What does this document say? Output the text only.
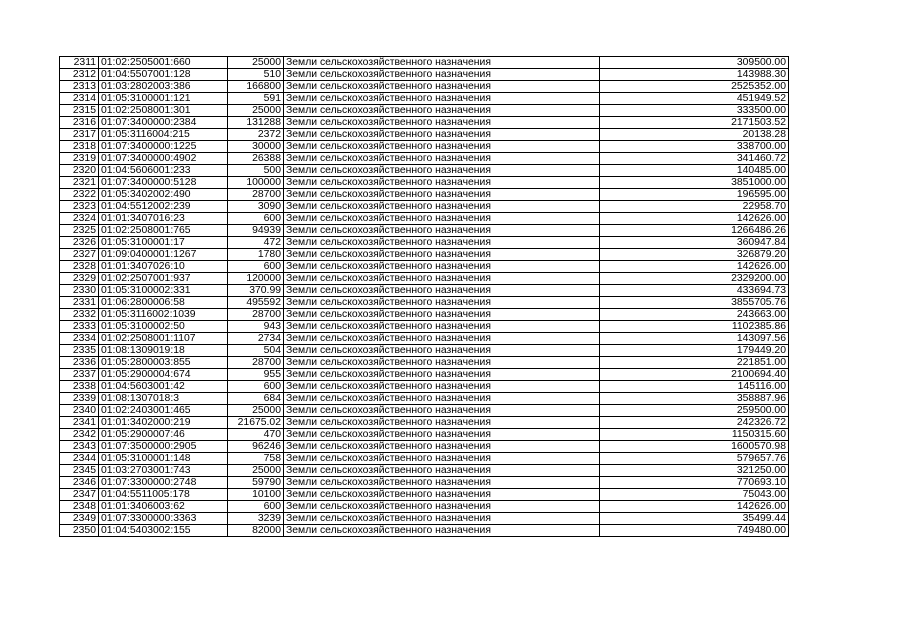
2311	01:02:2505001:660	25000	Земли сельскохозяйственного назначения	309500.00
2312	01:04:5507001:128	510	Земли сельскохозяйственного назначения	143988.30
2313	01:03:2802003:386	166800	Земли сельскохозяйственного назначения	2525352.00
2314	01:05:3100001:121	591	Земли сельскохозяйственного назначения	451949.52
2315	01:02:2508001:301	25000	Земли сельскохозяйственного назначения	333500.00
2316	01:07:3400000:2384	131288	Земли сельскохозяйственного назначения	2171503.52
2317	01:05:3116004:215	2372	Земли сельскохозяйственного назначения	20138.28
2318	01:07:3400000:1225	30000	Земли сельскохозяйственного назначения	338700.00
2319	01:07:3400000:4902	26388	Земли сельскохозяйственного назначения	341460.72
2320	01:04:5606001:233	500	Земли сельскохозяйственного назначения	140485.00
2321	01:07:3400000:5128	100000	Земли сельскохозяйственного назначения	3851000.00
2322	01:05:3402002:490	28700	Земли сельскохозяйственного назначения	196595.00
2323	01:04:5512002:239	3090	Земли сельскохозяйственного назначения	22958.70
2324	01:01:3407016:23	600	Земли сельскохозяйственного назначения	142626.00
2325	01:02:2508001:765	94939	Земли сельскохозяйственного назначения	1266486.26
2326	01:05:3100001:17	472	Земли сельскохозяйственного назначения	360947.84
2327	01:09:0400001:1267	1780	Земли сельскохозяйственного назначения	326879.20
2328	01:01:3407026:10	600	Земли сельскохозяйственного назначения	142626.00
2329	01:02:2507001:937	120000	Земли сельскохозяйственного назначения	2329200.00
2330	01:05:3100002:331	370.99	Земли сельскохозяйственного назначения	433694.73
2331	01:06:2800006:58	495592	Земли сельскохозяйственного назначения	3855705.76
2332	01:05:3116002:1039	28700	Земли сельскохозяйственного назначения	243663.00
2333	01:05:3100002:50	943	Земли сельскохозяйственного назначения	1102385.86
2334	01:02:2508001:1107	2734	Земли сельскохозяйственного назначения	143097.56
2335	01:08:1309019:18	504	Земли сельскохозяйственного назначения	179449.20
2336	01:05:2800003:855	28700	Земли сельскохозяйственного назначения	221851.00
2337	01:05:2900004:674	955	Земли сельскохозяйственного назначения	2100694.40
2338	01:04:5603001:42	600	Земли сельскохозяйственного назначения	145116.00
2339	01:08:1307018:3	684	Земли сельскохозяйственного назначения	358887.96
2340	01:02:2403001:465	25000	Земли сельскохозяйственного назначения	259500.00
2341	01:01:3402000:219	21675.02	Земли сельскохозяйственного назначения	242326.72
2342	01:05:2900007:46	470	Земли сельскохозяйственного назначения	1150315.60
2343	01:07:3500000:2905	96246	Земли сельскохозяйственного назначения	1600570.98
2344	01:05:3100001:148	758	Земли сельскохозяйственного назначения	579657.76
2345	01:03:2703001:743	25000	Земли сельскохозяйственного назначения	321250.00
2346	01:07:3300000:2748	59790	Земли сельскохозяйственного назначения	770693.10
2347	01:04:5511005:178	10100	Земли сельскохозяйственного назначения	75043.00
2348	01:01:3406003:62	600	Земли сельскохозяйственного назначения	142626.00
2349	01:07:3300000:3363	3239	Земли сельскохозяйственного назначения	35499.44
2350	01:04:5403002:155	82000	Земли сельскохозяйственного назначения	749480.00
